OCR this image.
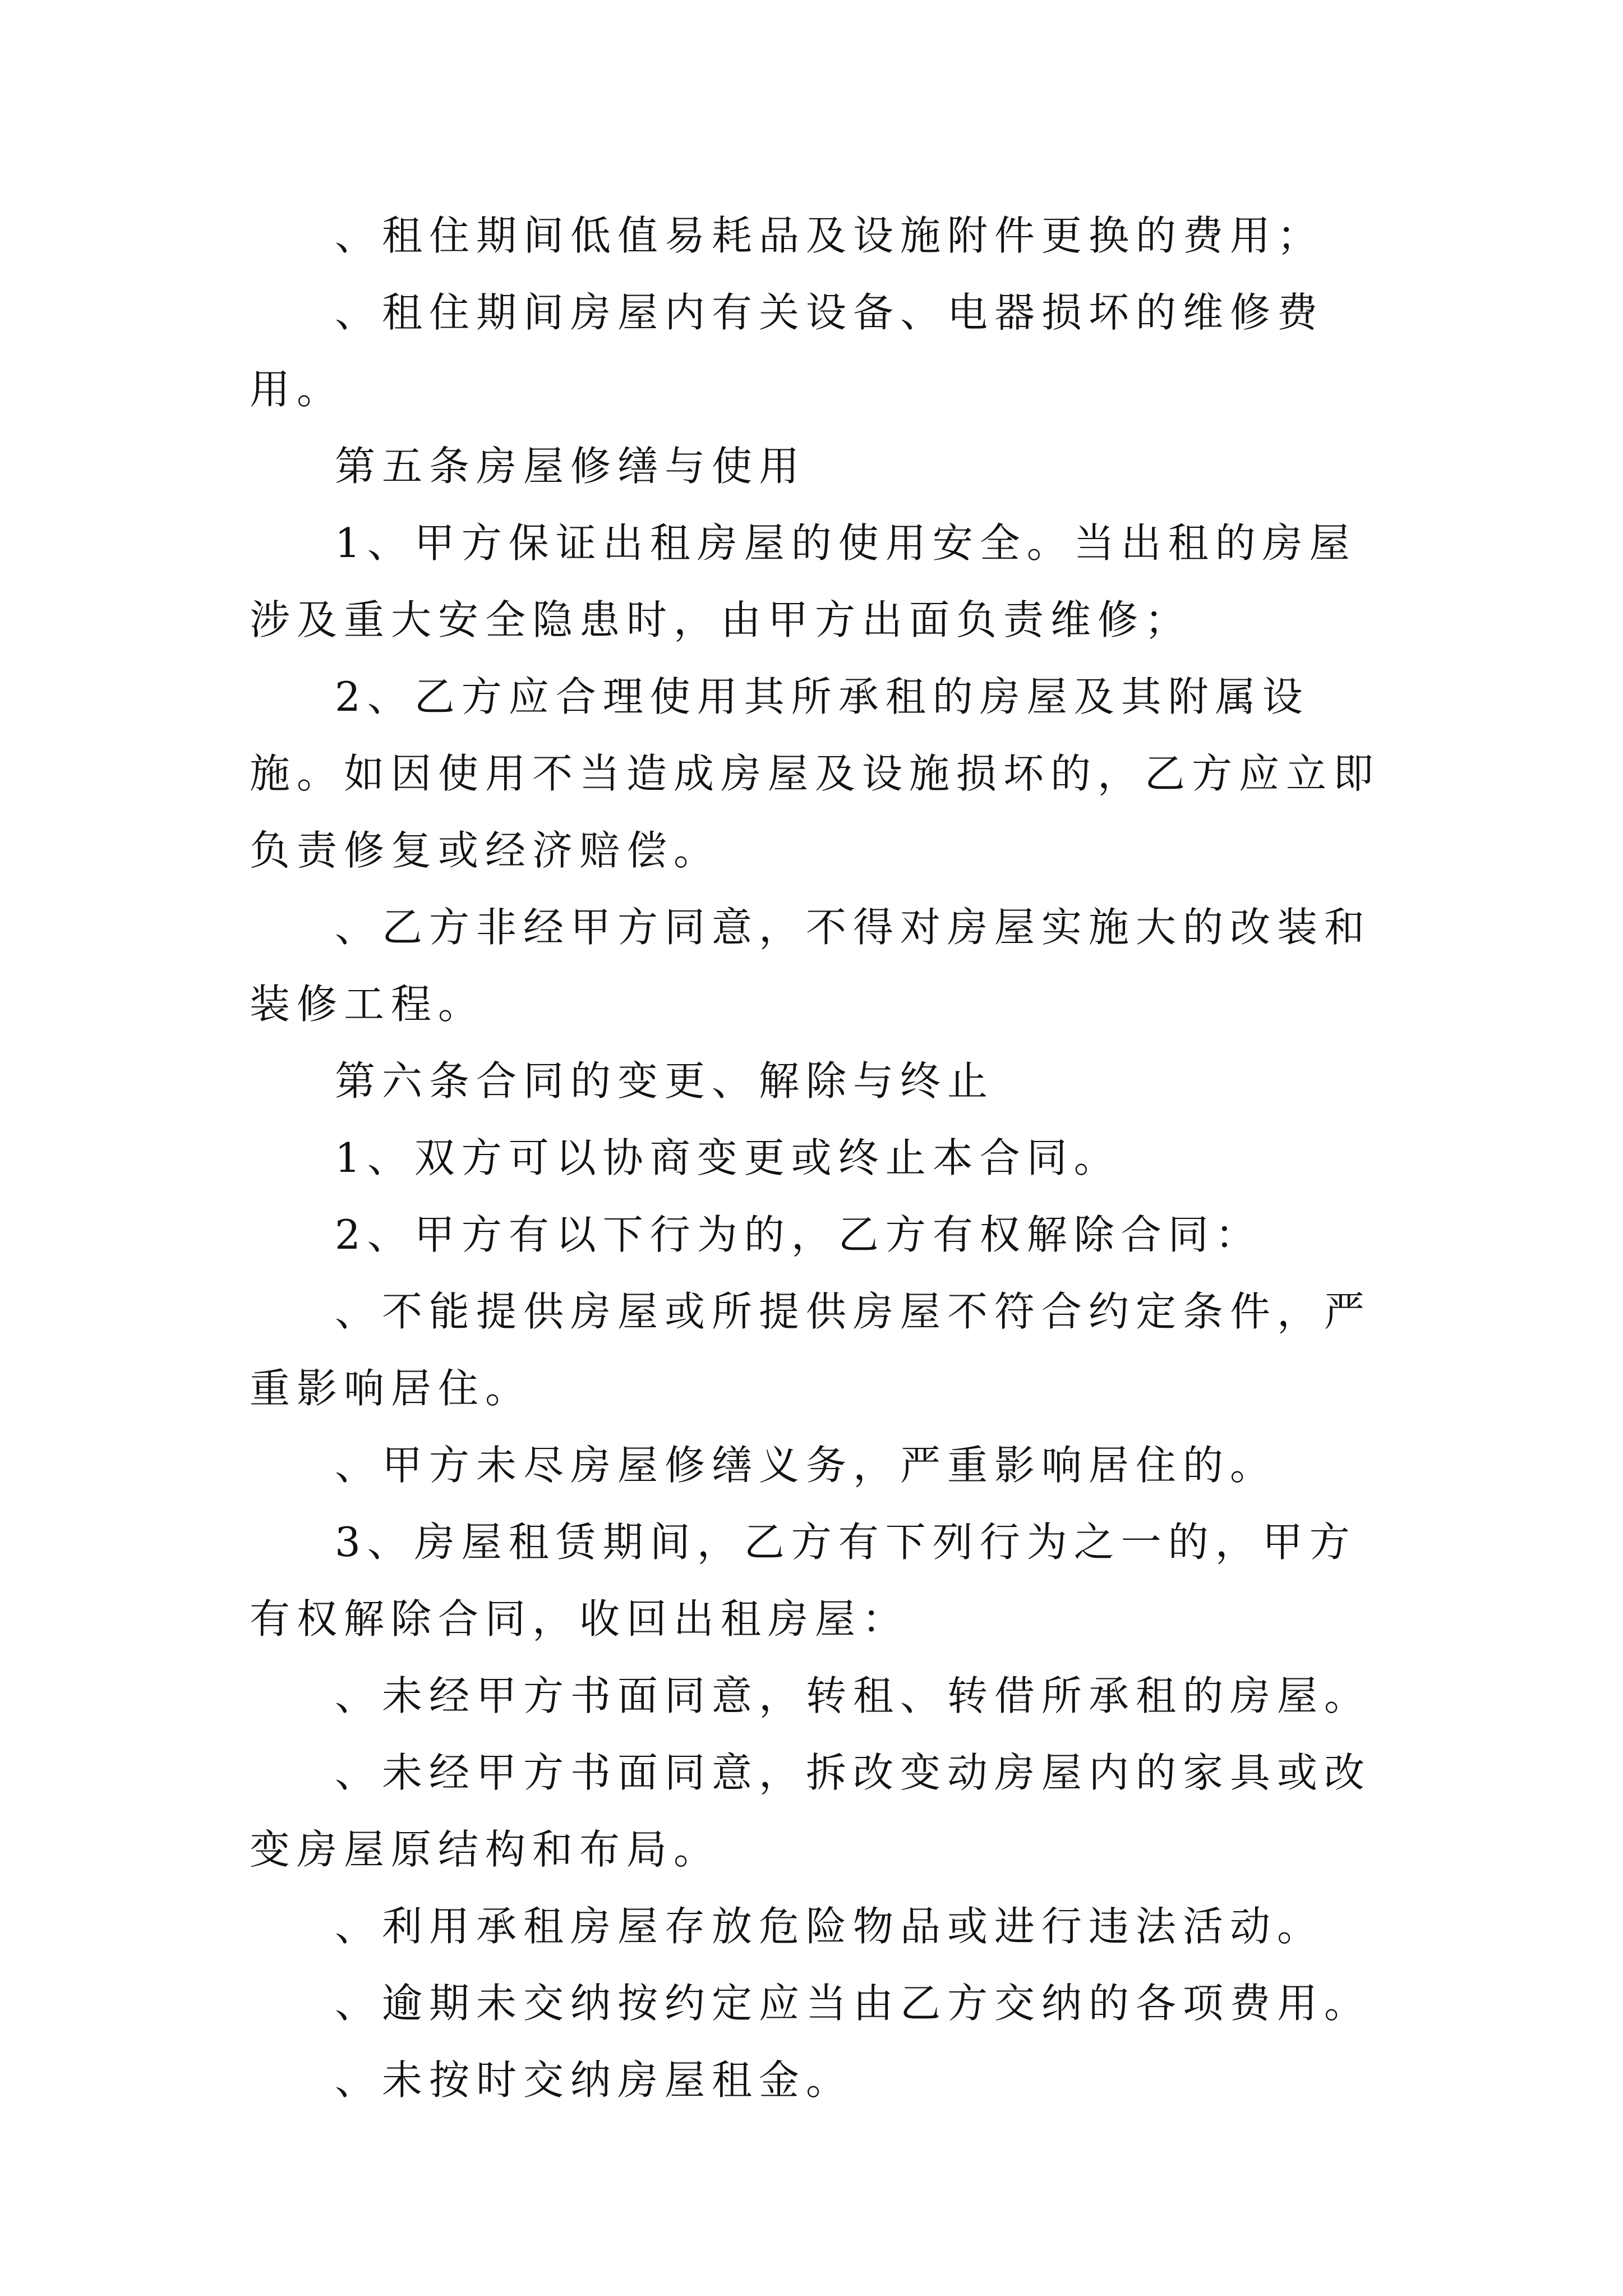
、租住期间低值易耗品及设施附件更换的费用；

、租住期间房屋内有关设备、电器损坏的维修费用。

第五条房屋修缮与使用

1、甲方保证出租房屋的使用安全。当出租的房屋涉及重大安全隐患时，由甲方出面负责维修；

2、乙方应合理使用其所承租的房屋及其附属设施。如因使用不当造成房屋及设施损坏的，乙方应立即负责修复或经济赔偿。

、乙方非经甲方同意，不得对房屋实施大的改装和装修工程。

第六条合同的变更、解除与终止

1、双方可以协商变更或终止本合同。

2、甲方有以下行为的，乙方有权解除合同：

、不能提供房屋或所提供房屋不符合约定条件，严重影响居住。

、甲方未尽房屋修缮义务，严重影响居住的。

3、房屋租赁期间，乙方有下列行为之一的，甲方有权解除合同，收回出租房屋：

、未经甲方书面同意，转租、转借所承租的房屋。

、未经甲方书面同意，拆改变动房屋内的家具或改变房屋原结构和布局。

、利用承租房屋存放危险物品或进行违法活动。

、逾期未交纳按约定应当由乙方交纳的各项费用。

、未按时交纳房屋租金。
